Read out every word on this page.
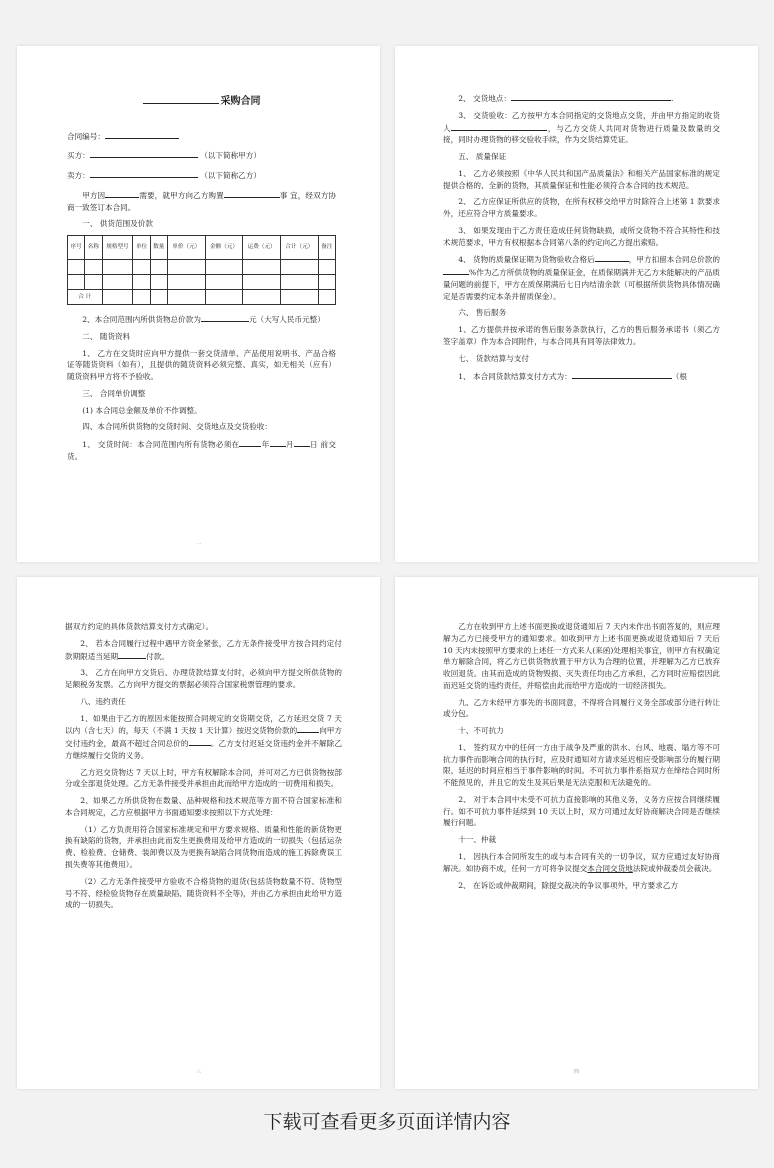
采购合同
合同编号：
买方：	（以下简称甲方）
卖方：	（以下简称乙方）
甲方因	需要，就甲方向乙方购置	事 宜，经双方协商一致签订本合同。
一、 供货范围及价款
序号	名称	规格型号	单位	数量	单价（元）	金额（元）	运费（元）	合计（元）	备注

合 计									
2、本合同范围内所供货物总价款为	元（大写人民币元整）
二、 随货资料
1、 乙方在交货时应向甲方提供一套交货清单、产品使用说明书、产品合格证等随货资料（如有），且提供的随货资料必须完整、真实，如无相关（应有）随货资料甲方将不予验收。
三、 合同单价调整
(1) 本合同总金额及单价不作调整。
四、本合同所供货物的交货时间、交货地点及交货验收：
1、 交货时间：本合同范围内所有货物必须在	年 月 日 前交货。
一
2、 交货地点：	.
3、 交货验收：乙方按甲方本合同指定的交货地点交货，并由甲方指定的收货人	，与乙方交货人共同对货物进行质量及数量的交接，同时办理货物的移交验收手续，作为交货结算凭证。
五、 质量保证
1、 乙方必须按照《中华人民共和国产品质量法》和相关产品国家标准的规定提供合格的、全新的货物，其质量保证和性能必须符合本合同的技术规范。
2、 乙方应保证所供应的货物，在所有权移交给甲方时除符合上述第 1 款要求外，还应符合甲方质量要求。
3、 如果发现由于乙方责任造成任何货物缺损，或所交货物不符合其特性和技术规范要求，甲方有权根据本合同第八条的约定向乙方提出索赔。
4、 货物的质量保证期为货物验收合格后	，甲方扣留本合同总价款的%作为乙方所供货物的质量保证金，在质保期满并无乙方未能解决的产品质量问题的前提下，甲方在质保期满后七日内结清余款（可根据所供货物具体情况确定是否需要约定本条并留质保金）。
六、 售后服务
1、乙方提供并按承诺的售后服务条款执行，乙方的售后服务承诺书（须乙方签字盖章）作为本合同附件，与本合同具有同等法律效力。
七、 货款结算与支付
1、 本合同货款结算支付方式为：	（根
据双方约定的具体货款结算支付方式确定）。
2、 若本合同履行过程中遇甲方资金紧张，乙方无条件接受甲方按合同约定付款期限适当延期	付款。
3、 乙方在向甲方交货后、办理货款结算支付时，必须向甲方提交所供货物的足额税务发票。乙方向甲方提交的票据必须符合国家税票管理的要求。
八、违约责任
1、如果由于乙方的原因未能按照合同规定的交货期交货，乙方延迟交货 7 天以内（含七天）的，每天（不满 1 天按 1 天计算）按迟交货物价款的	向甲方交付违约金，最高不超过合同总价的	。乙方支付迟延交货违约金并不解除乙方继续履行交货的义务。
乙方迟交货物达 7 天以上时，甲方有权解除本合同，并可对乙方已供货物按部分或全部退货处理。乙方无条件接受并承担由此而给甲方造成的一切费用和损失。
2、如果乙方所供货物在数量、品种规格和技术规范等方面不符合国家标准和本合同规定，乙方应根据甲方书面通知要求按照以下方式处理：
（1）乙方负责用符合国家标准规定和甲方要求规格、质量和性能的新货物更换有缺陷的货物，并承担由此而发生更换费用及给甲方造成的一切损失（包括运杂费、检验费、仓储费、装卸费以及为更换有缺陷合同货物而造成的施工拆除费误工损失费等其他费用）。
（2）乙方无条件接受甲方验收不合格货物的退货(包括货物数量不符、货物型号不符、经检验货物存在质量缺陷、随货资料不全等)，并由乙方承担由此给甲方造成的一切损失。
三
乙方在收到甲方上述书面更换或退货通知后 7 天内未作出书面答复的，则应理解为乙方已接受甲方的通知要求。如收到甲方上述书面更换或退货通知后 7 天后 10 天内未按照甲方要求的上述任一方式来人(来函)处理相关事宜，则甲方有权确定单方解除合同，将乙方已供货物放置于甲方认为合理的位置，并理解为乙方已放弃收回退货。由其而造成的货物毁损、灭失责任均由乙方承担，乙方同时应赔偿因此而迟延交货的违约责任，并赔偿由此而给甲方造成的一切经济损失。
九、乙方未经甲方事先的书面同意，不得将合同履行义务全部或部分进行转让或分包。
十、不可抗力
1、 签约双方中的任何一方由于战争及严重的洪水、台风、地震、塌方等不可抗力事件而影响合同的执行时，应及时通知对方请求延迟相应受影响部分的履行期限，延迟的时间应相当于事件影响的时间。不可抗力事件系指双方在缔结合同时所不能预见的，并且它的发生及其后果是无法克服和无法避免的。
2、 对于本合同中未受不可抗力直接影响的其他义务，义务方应按合同继续履行。如不可抗力事件延续到 10 天以上时，双方可通过友好协商解决合同是否继续履行问题。
十一、仲裁
1、 因执行本合同所发生的或与本合同有关的一切争议，双方应通过友好协商解决。如协商不成，任何一方可将争议提交本合同交货地法院或仲裁委员会裁决。
2、 在诉讼或仲裁期间，除提交裁决的争议事项外，甲方要求乙方
四
下载可查看更多页面详情内容
